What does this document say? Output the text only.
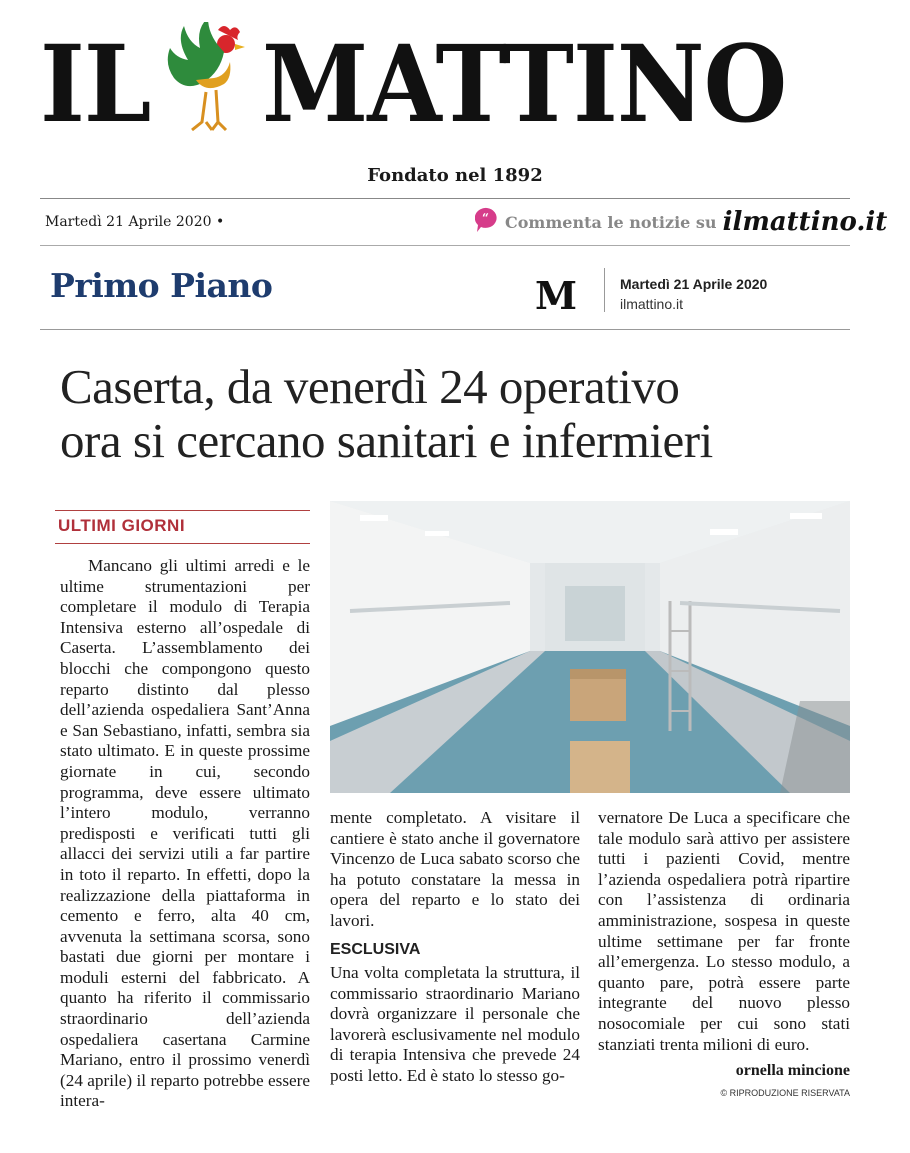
IL MATTINO
Fondato nel 1892
Martedì 21 Aprile 2020 •	“ Commenta le notizie su ilmattino.it
Primo Piano	M	Martedì 21 Aprile 2020
ilmattino.it
Caserta, da venerdì 24 operativo
ora si cercano sanitari e infermieri
ULTIMI GIORNI
Mancano gli ultimi arredi e le ultime strumentazioni per completare il modulo di Terapia Intensiva esterno all’ospedale di Caserta. L’assemblamento dei blocchi che compongono questo reparto distinto dal plesso dell’azienda ospedaliera Sant’Anna e San Sebastiano, infatti, sembra sia stato ultimato. E in queste prossime giornate in cui, secondo programma, deve essere ultimato l’intero modulo, verranno predisposti e verificati tutti gli allacci dei servizi utili a far partire in toto il reparto. In effetti, dopo la realizzazione della piattaforma in cemento e ferro, alta 40 cm, avvenuta la settimana scorsa, sono bastati due giorni per montare i moduli esterni del fabbricato. A quanto ha riferito il commissario straordinario dell’azienda ospedaliera casertana Carmine Mariano, entro il prossimo venerdì (24 aprile) il reparto potrebbe essere intera-
mente completato. A visitare il cantiere è stato anche il governatore Vincenzo de Luca sabato scorso che ha potuto constatare la messa in opera del reparto e lo stato dei lavori.
ESCLUSIVA
Una volta completata la struttura, il commissario straordinario Mariano dovrà organizzare il personale che lavorerà esclusivamente nel modulo di terapia Intensiva che prevede 24 posti letto. Ed è stato lo stesso go-
vernatore De Luca a specificare che tale modulo sarà attivo per assistere tutti i pazienti Covid, mentre l’azienda ospedaliera potrà ripartire con l’assistenza di ordinaria amministrazione, sospesa in queste ultime settimane per far fronte all’emergenza. Lo stesso modulo, a quanto pare, potrà essere parte integrante del nuovo plesso nosocomiale per cui sono stati stanziati trenta milioni di euro.
ornella mincione
© RIPRODUZIONE RISERVATA
